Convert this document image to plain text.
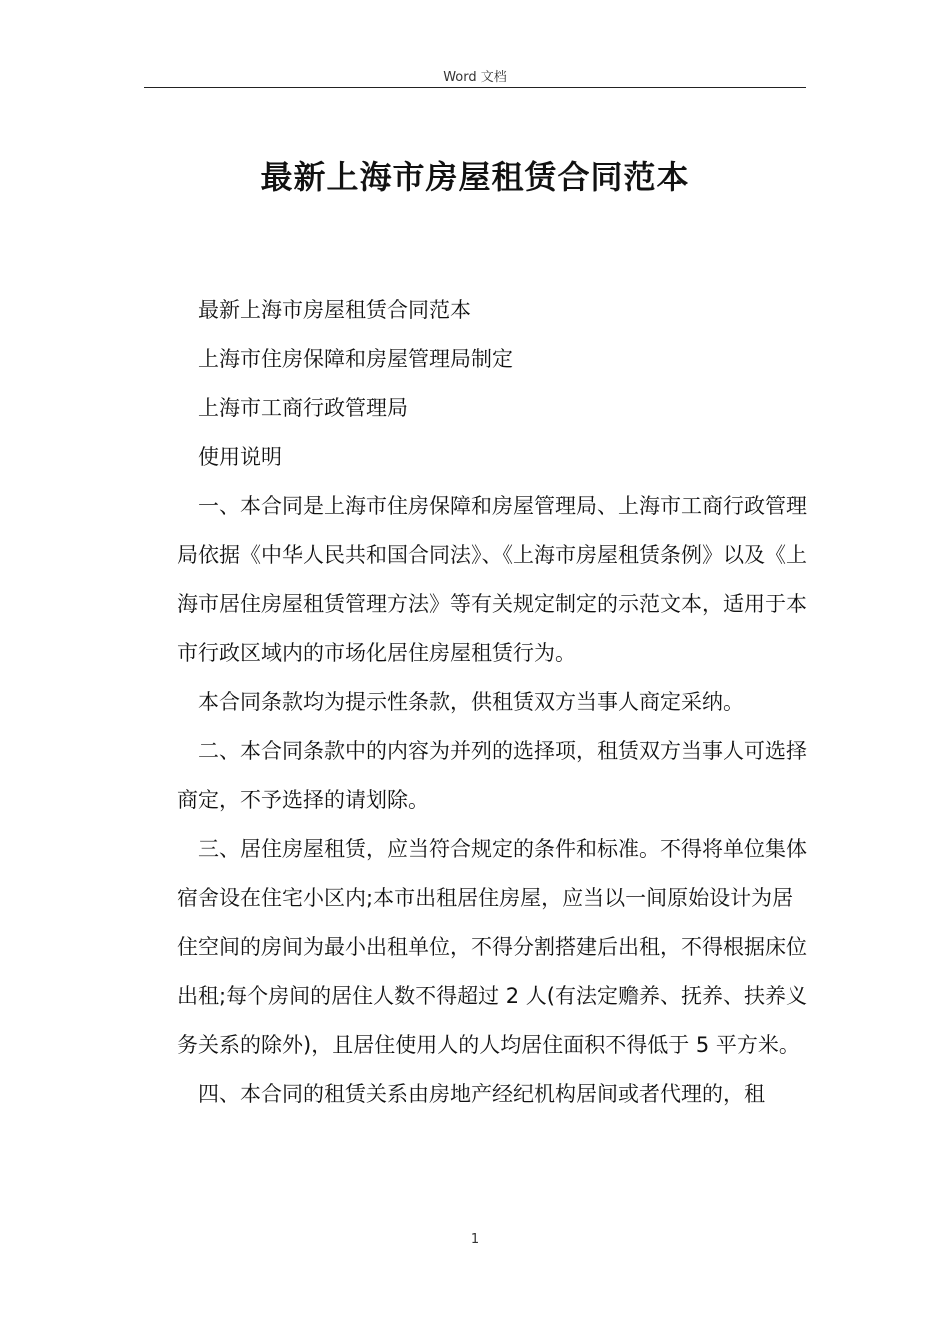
Word 文档
最新上海市房屋租赁合同范本

最新上海市房屋租赁合同范本

上海市住房保障和房屋管理局制定

上海市工商行政管理局

使用说明

一、本合同是上海市住房保障和房屋管理局、上海市工商行政管理局依据《中华人民共和国合同法》、《上海市房屋租赁条例》以及《上海市居住房屋租赁管理方法》等有关规定制定的示范文本，适用于本市行政区域内的市场化居住房屋租赁行为。

本合同条款均为提示性条款，供租赁双方当事人商定采纳。

二、本合同条款中的内容为并列的选择项，租赁双方当事人可选择商定，不予选择的请划除。

三、居住房屋租赁，应当符合规定的条件和标准。不得将单位集体宿舍设在住宅小区内;本市出租居住房屋，应当以一间原始设计为居住空间的房间为最小出租单位，不得分割搭建后出租，不得根据床位出租;每个房间的居住人数不得超过 2 人(有法定赡养、抚养、扶养义务关系的除外)，且居住使用人的人均居住面积不得低于 5 平方米。

四、本合同的租赁关系由房地产经纪机构居间或者代理的，租

1
